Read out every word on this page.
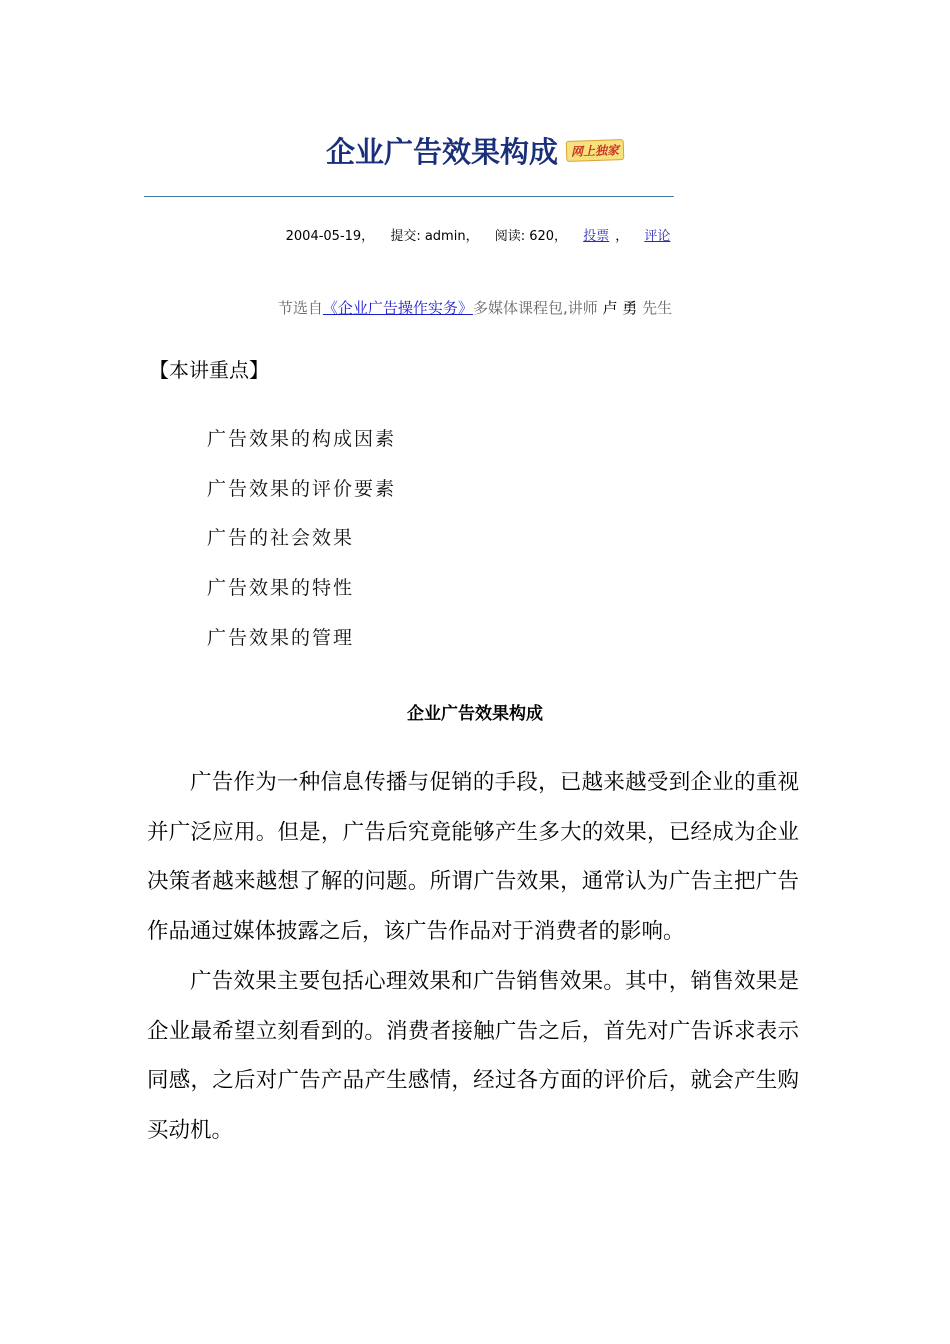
企业广告效果构成 网上独家
2004-05-19， 提交: admin， 阅读: 620， 投票 ， 评论
节选自《企业广告操作实务》多媒体课程包,讲师 卢 勇 先生
【本讲重点】
广告效果的构成因素
广告效果的评价要素
广告的社会效果
广告效果的特性
广告效果的管理
企业广告效果构成

广告作为一种信息传播与促销的手段，已越来越受到企业的重视并广泛应用。但是，广告后究竟能够产生多大的效果，已经成为企业决策者越来越想了解的问题。所谓广告效果，通常认为广告主把广告作品通过媒体披露之后，该广告作品对于消费者的影响。

广告效果主要包括心理效果和广告销售效果。其中，销售效果是企业最希望立刻看到的。消费者接触广告之后，首先对广告诉求表示同感，之后对广告产品产生感情，经过各方面的评价后，就会产生购买动机。
